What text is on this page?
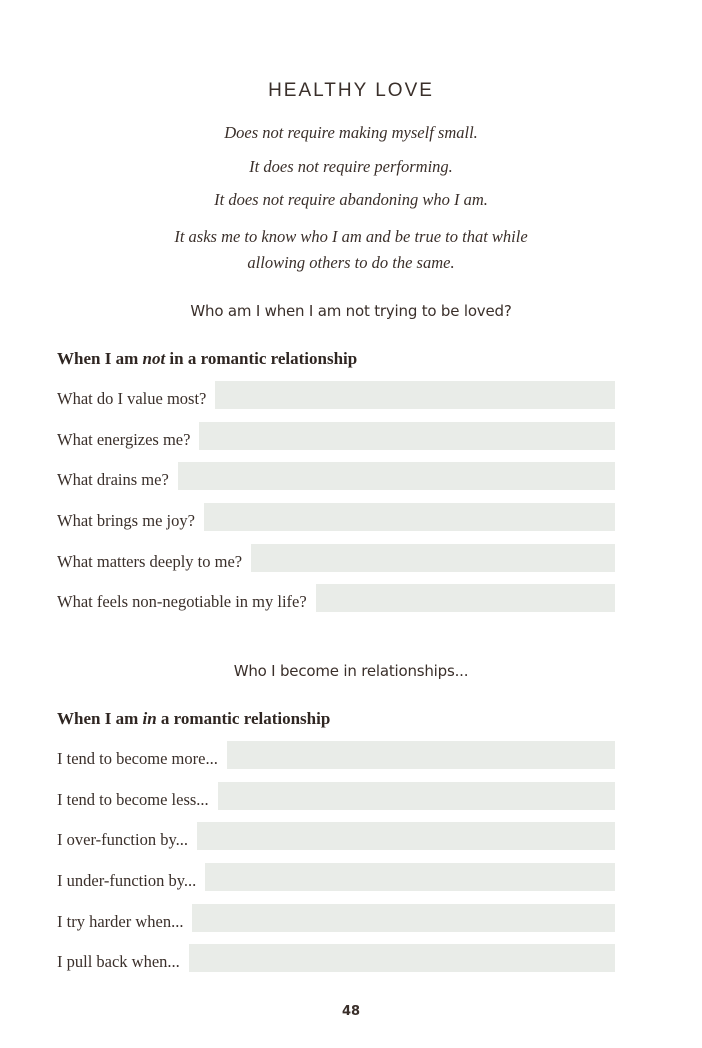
HEALTHY LOVE

Does not require making myself small.

It does not require performing.

It does not require abandoning who I am.

It asks me to know who I am and be true to that while
allowing others to do the same.

Who am I when I am not trying to be loved?

When I am not in a romantic relationship
What do I value most?
What energizes me?
What drains me?
What brings me joy?
What matters deeply to me?
What feels non-negotiable in my life?

Who I become in relationships...

When I am in a romantic relationship
I tend to become more...
I tend to become less...
I over-function by...
I under-function by...
I try harder when...
I pull back when...
48
